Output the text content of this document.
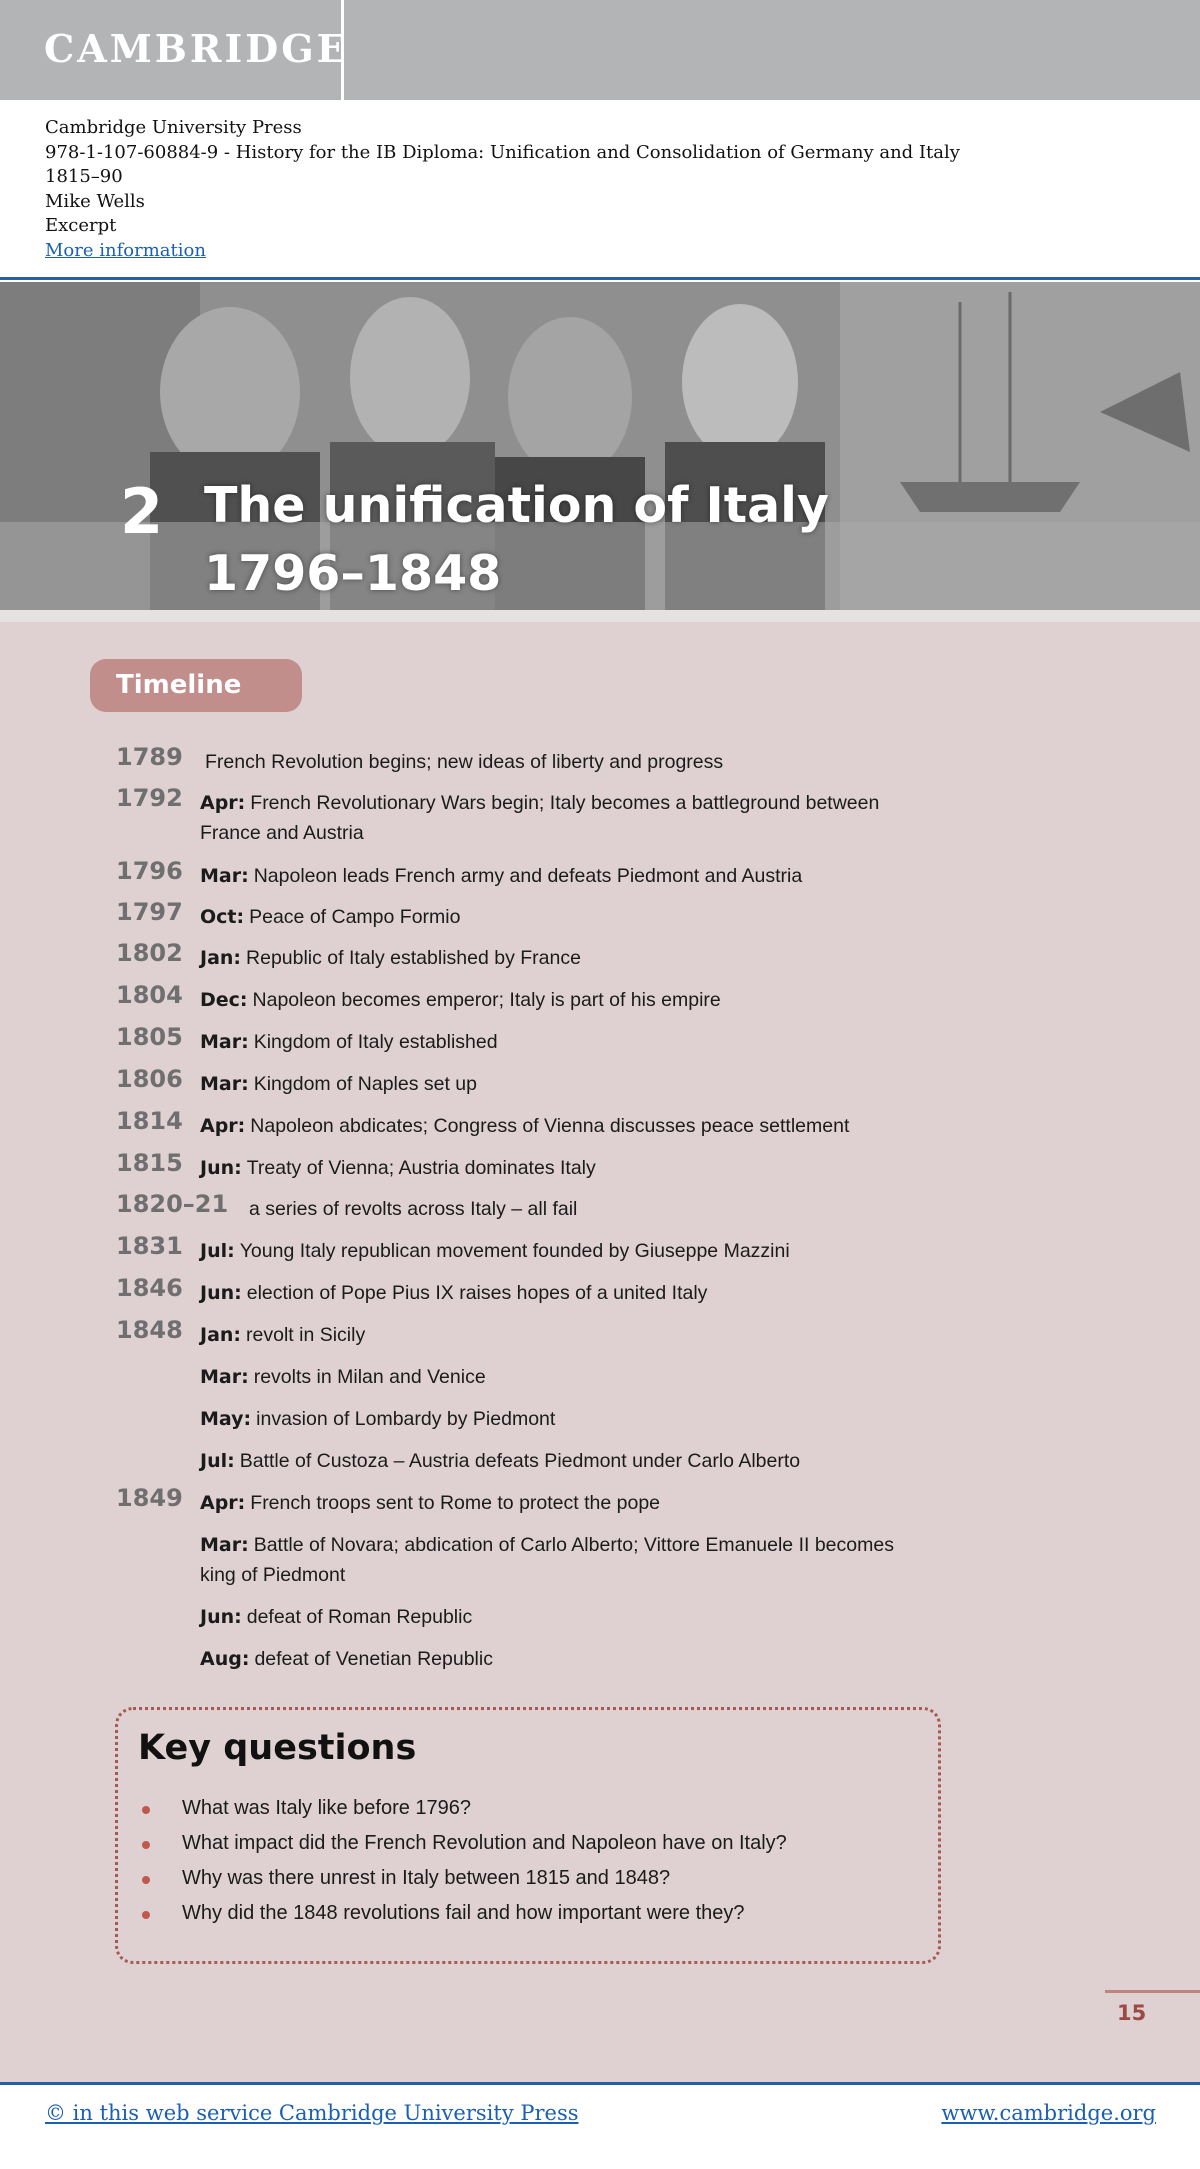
CAMBRIDGE
Cambridge University Press
978-1-107-60884-9 - History for the IB Diploma: Unification and Consolidation of Germany and Italy
1815–90
Mike Wells
Excerpt
More information
2 The unification of Italy
1796–1848
Timeline
1789 French Revolution begins; new ideas of liberty and progress
1792 Apr: French Revolutionary Wars begin; Italy becomes a battleground between France and Austria
1796 Mar: Napoleon leads French army and defeats Piedmont and Austria
1797 Oct: Peace of Campo Formio
1802 Jan: Republic of Italy established by France
1804 Dec: Napoleon becomes emperor; Italy is part of his empire
1805 Mar: Kingdom of Italy established
1806 Mar: Kingdom of Naples set up
1814 Apr: Napoleon abdicates; Congress of Vienna discusses peace settlement
1815 Jun: Treaty of Vienna; Austria dominates Italy
1820–21 a series of revolts across Italy – all fail
1831 Jul: Young Italy republican movement founded by Giuseppe Mazzini
1846 Jun: election of Pope Pius IX raises hopes of a united Italy
1848 Jan: revolt in Sicily
Mar: revolts in Milan and Venice
May: invasion of Lombardy by Piedmont
Jul: Battle of Custoza – Austria defeats Piedmont under Carlo Alberto
1849 Apr: French troops sent to Rome to protect the pope
Mar: Battle of Novara; abdication of Carlo Alberto; Vittore Emanuele II becomes king of Piedmont
Jun: defeat of Roman Republic
Aug: defeat of Venetian Republic
Key questions
What was Italy like before 1796?
What impact did the French Revolution and Napoleon have on Italy?
Why was there unrest in Italy between 1815 and 1848?
Why did the 1848 revolutions fail and how important were they?
15
© in this web service Cambridge University Press	www.cambridge.org
